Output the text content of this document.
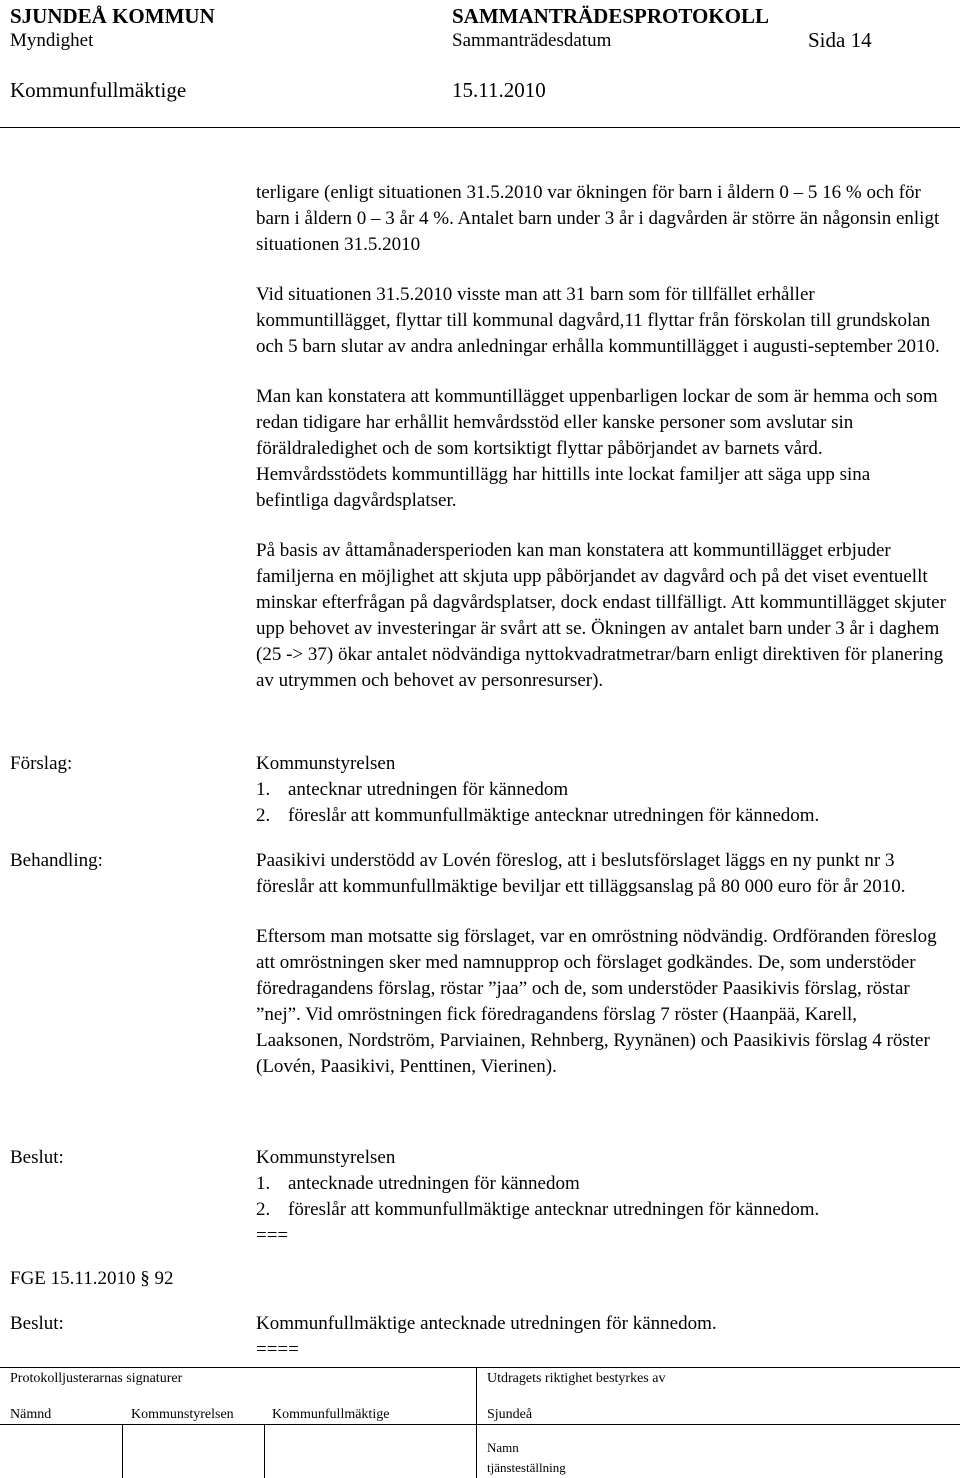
SJUNDEÅ KOMMUN	SAMMANTRÄDESPROTOKOLL
Myndighet	Sammanträdesdatum	Sida 14
Kommunfullmäktige	15.11.2010

terligare (enligt situationen 31.5.2010 var ökningen för barn i åldern 0 – 5 16 % och för barn i åldern 0 – 3 år 4 %. Antalet barn under 3 år i dagvården är större än någonsin enligt situationen 31.5.2010

Vid situationen 31.5.2010 visste man att 31 barn som för tillfället erhåller kommuntillägget, flyttar till kommunal dagvård,11 flyttar från förskolan till grundskolan och 5 barn slutar av andra anledningar erhålla kommuntillägget i augusti-september 2010.

Man kan konstatera att kommuntillägget uppenbarligen lockar de som är hemma och som redan tidigare har erhållit hemvårdsstöd eller kanske personer som avslutar sin föräldraledighet och de som kortsiktigt flyttar påbörjandet av barnets vård. Hemvårdsstödets kommuntillägg har hittills inte lockat familjer att säga upp sina befintliga dagvårdsplatser.

På basis av åttamånadersperioden kan man konstatera att kommuntillägget erbjuder familjerna en möjlighet att skjuta upp påbörjandet av dagvård och på det viset eventuellt minskar efterfrågan på dagvårdsplatser, dock endast tillfälligt. Att kommuntillägget skjuter upp behovet av investeringar är svårt att se. Ökningen av antalet barn under 3 år i daghem (25 -> 37) ökar antalet nödvändiga nyttokvadratmetrar/barn enligt direktiven för planering av utrymmen och behovet av personresurser).

Förslag:	Kommunstyrelsen

1. antecknar utredningen för kännedom
2. föreslår att kommunfullmäktige antecknar utredningen för kännedom.
Behandling:	Paasikivi understödd av Lovén föreslog, att i beslutsförslaget läggs en ny punkt nr 3 föreslår att kommunfullmäktige beviljar ett tilläggsanslag på 80 000 euro för år 2010.

Eftersom man motsatte sig förslaget, var en omröstning nödvändig. Ordföranden föreslog att omröstningen sker med namnupprop och förslaget godkändes. De, som understöder föredragandens förslag, röstar ”jaa” och de, som understöder Paasikivis förslag, röstar ”nej”. Vid omröstningen fick föredragandens förslag 7 röster (Haanpää, Karell, Laaksonen, Nordström, Parviainen, Rehnberg, Ryynänen) och Paasikivis förslag 4 röster (Lovén, Paasikivi, Penttinen, Vierinen).

Beslut:	Kommunstyrelsen

1. antecknade utredningen för kännedom
2. föreslår att kommunfullmäktige antecknar utredningen för kännedom.

===

FGE 15.11.2010 § 92
Beslut:	Kommunfullmäktige antecknade utredningen för kännedom.

====

Protokolljusterarnas signaturer	Utdragets riktighet bestyrkes av
Nämnd	Kommunstyrelsen	Kommunfullmäktige	Sjundeå
Namn
tjänsteställning
